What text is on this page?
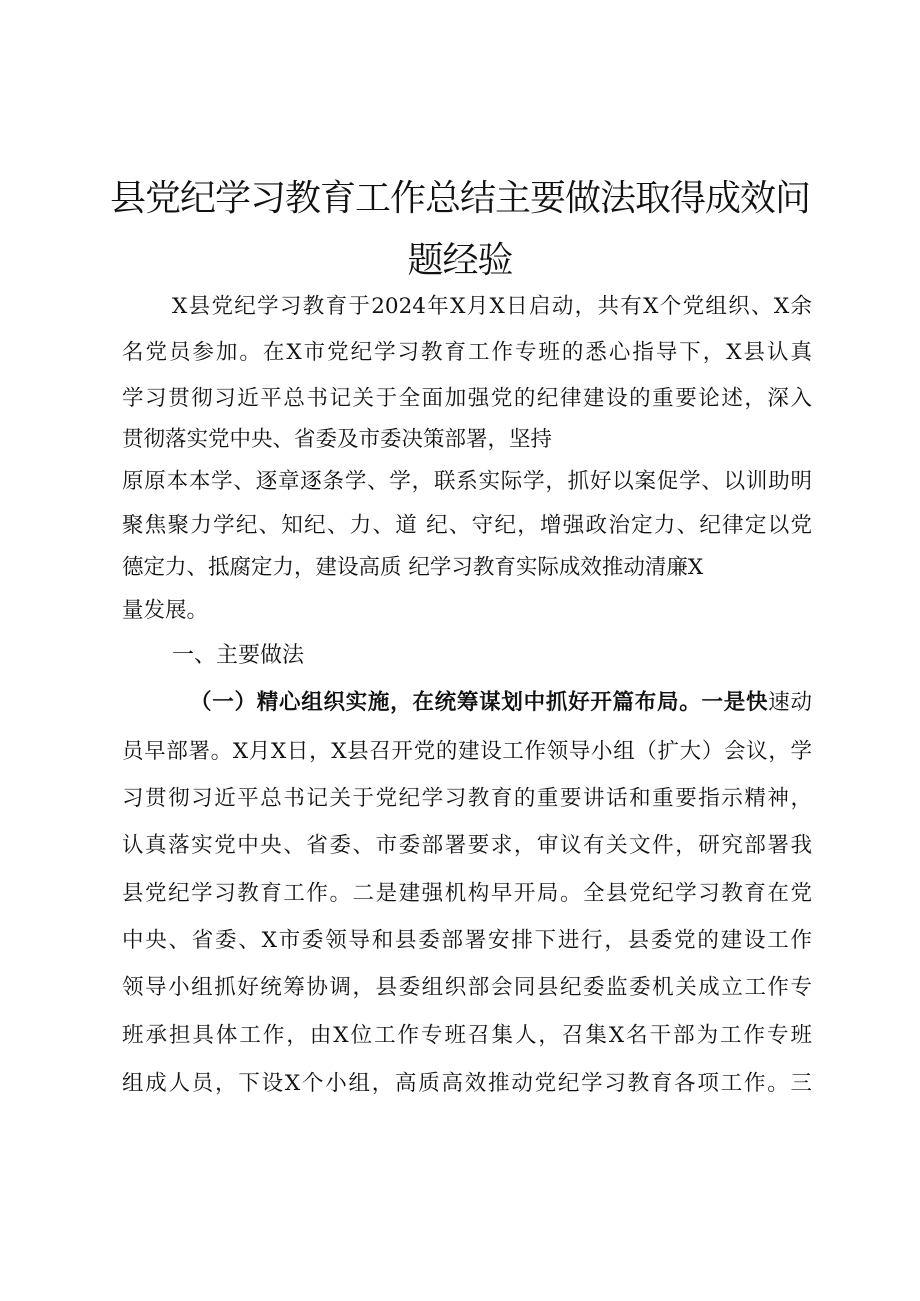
县党纪学习教育工作总结主要做法取得成效问
题经验
X县党纪学习教育于2024年X月X日启动，共有X个党组织、X余
名党员参加。在X市党纪学习教育工作专班的悉心指导下，X县认真
学习贯彻习近平总书记关于全面加强党的纪律建设的重要论述，深入
贯彻落实党中央、省委及市委决策部署，坚持
原原本本学、逐章逐条学、学，联系实际学，抓好以案促学、以训助明
聚焦聚力学纪、知纪、力、道 纪、守纪，增强政治定力、纪律定以党
德定力、抵腐定力，建设高质 纪学习教育实际成效推动清廉X
量发展。
一、主要做法
（一）精心组织实施，在统筹谋划中抓好开篇布局。一是快速动
员早部署。X月X日，X县召开党的建设工作领导小组（扩大）会议，学
习贯彻习近平总书记关于党纪学习教育的重要讲话和重要指示精神，
认真落实党中央、省委、市委部署要求，审议有关文件，研究部署我
县党纪学习教育工作。二是建强机构早开局。全县党纪学习教育在党
中央、省委、X市委领导和县委部署安排下进行，县委党的建设工作
领导小组抓好统筹协调，县委组织部会同县纪委监委机关成立工作专
班承担具体工作，由X位工作专班召集人，召集X名干部为工作专班
组成人员，下设X个小组，高质高效推动党纪学习教育各项工作。三
